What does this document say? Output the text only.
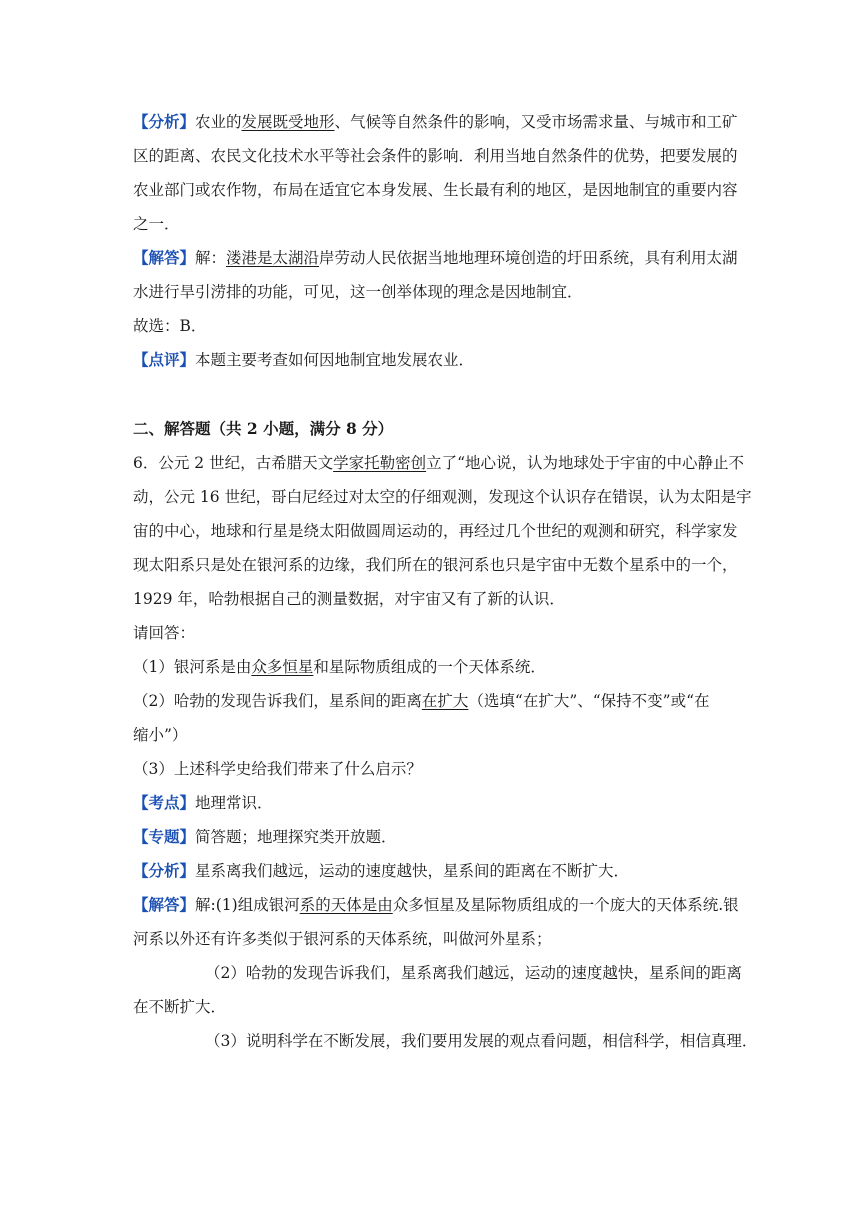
【分析】农业的发展既受地形、气候等自然条件的影响，又受市场需求量、与城市和工矿
区的距离、农民文化技术水平等社会条件的影响．利用当地自然条件的优势，把要发展的
农业部门或农作物，布局在适宜它本身发展、生长最有利的地区，是因地制宜的重要内容
之一．
【解答】解：溇港是太湖沿岸劳动人民依据当地地理环境创造的圩田系统，具有利用太湖
水进行旱引涝排的功能，可见，这一创举体现的理念是因地制宜．
故选：B．
【点评】本题主要考查如何因地制宜地发展农业．
二、解答题（共 2 小题，满分 8 分）
6．公元 2 世纪，古希腊天文学家托勒密创立了“地心说，认为地球处于宇宙的中心静止不
动，公元 16 世纪，哥白尼经过对太空的仔细观测，发现这个认识存在错误，认为太阳是宇
宙的中心，地球和行星是绕太阳做圆周运动的，再经过几个世纪的观测和研究，科学家发
现太阳系只是处在银河系的边缘，我们所在的银河系也只是宇宙中无数个星系中的一个，
1929 年，哈勃根据自己的测量数据，对宇宙又有了新的认识．
请回答：
（1）银河系是由众多恒星和星际物质组成的一个天体系统．
（2）哈勃的发现告诉我们，星系间的距离在扩大（选填“在扩大”、“保持不变”或“在
缩小”）
（3）上述科学史给我们带来了什么启示？
【考点】地理常识．
【专题】简答题；地理探究类开放题．
【分析】星系离我们越远，运动的速度越快，星系间的距离在不断扩大．
【解答】解:(1)组成银河系的天体是由众多恒星及星际物质组成的一个庞大的天体系统.银
河系以外还有许多类似于银河系的天体系统，叫做河外星系；
（2）哈勃的发现告诉我们，星系离我们越远，运动的速度越快，星系间的距离
在不断扩大．
（3）说明科学在不断发展，我们要用发展的观点看问题，相信科学，相信真理．
